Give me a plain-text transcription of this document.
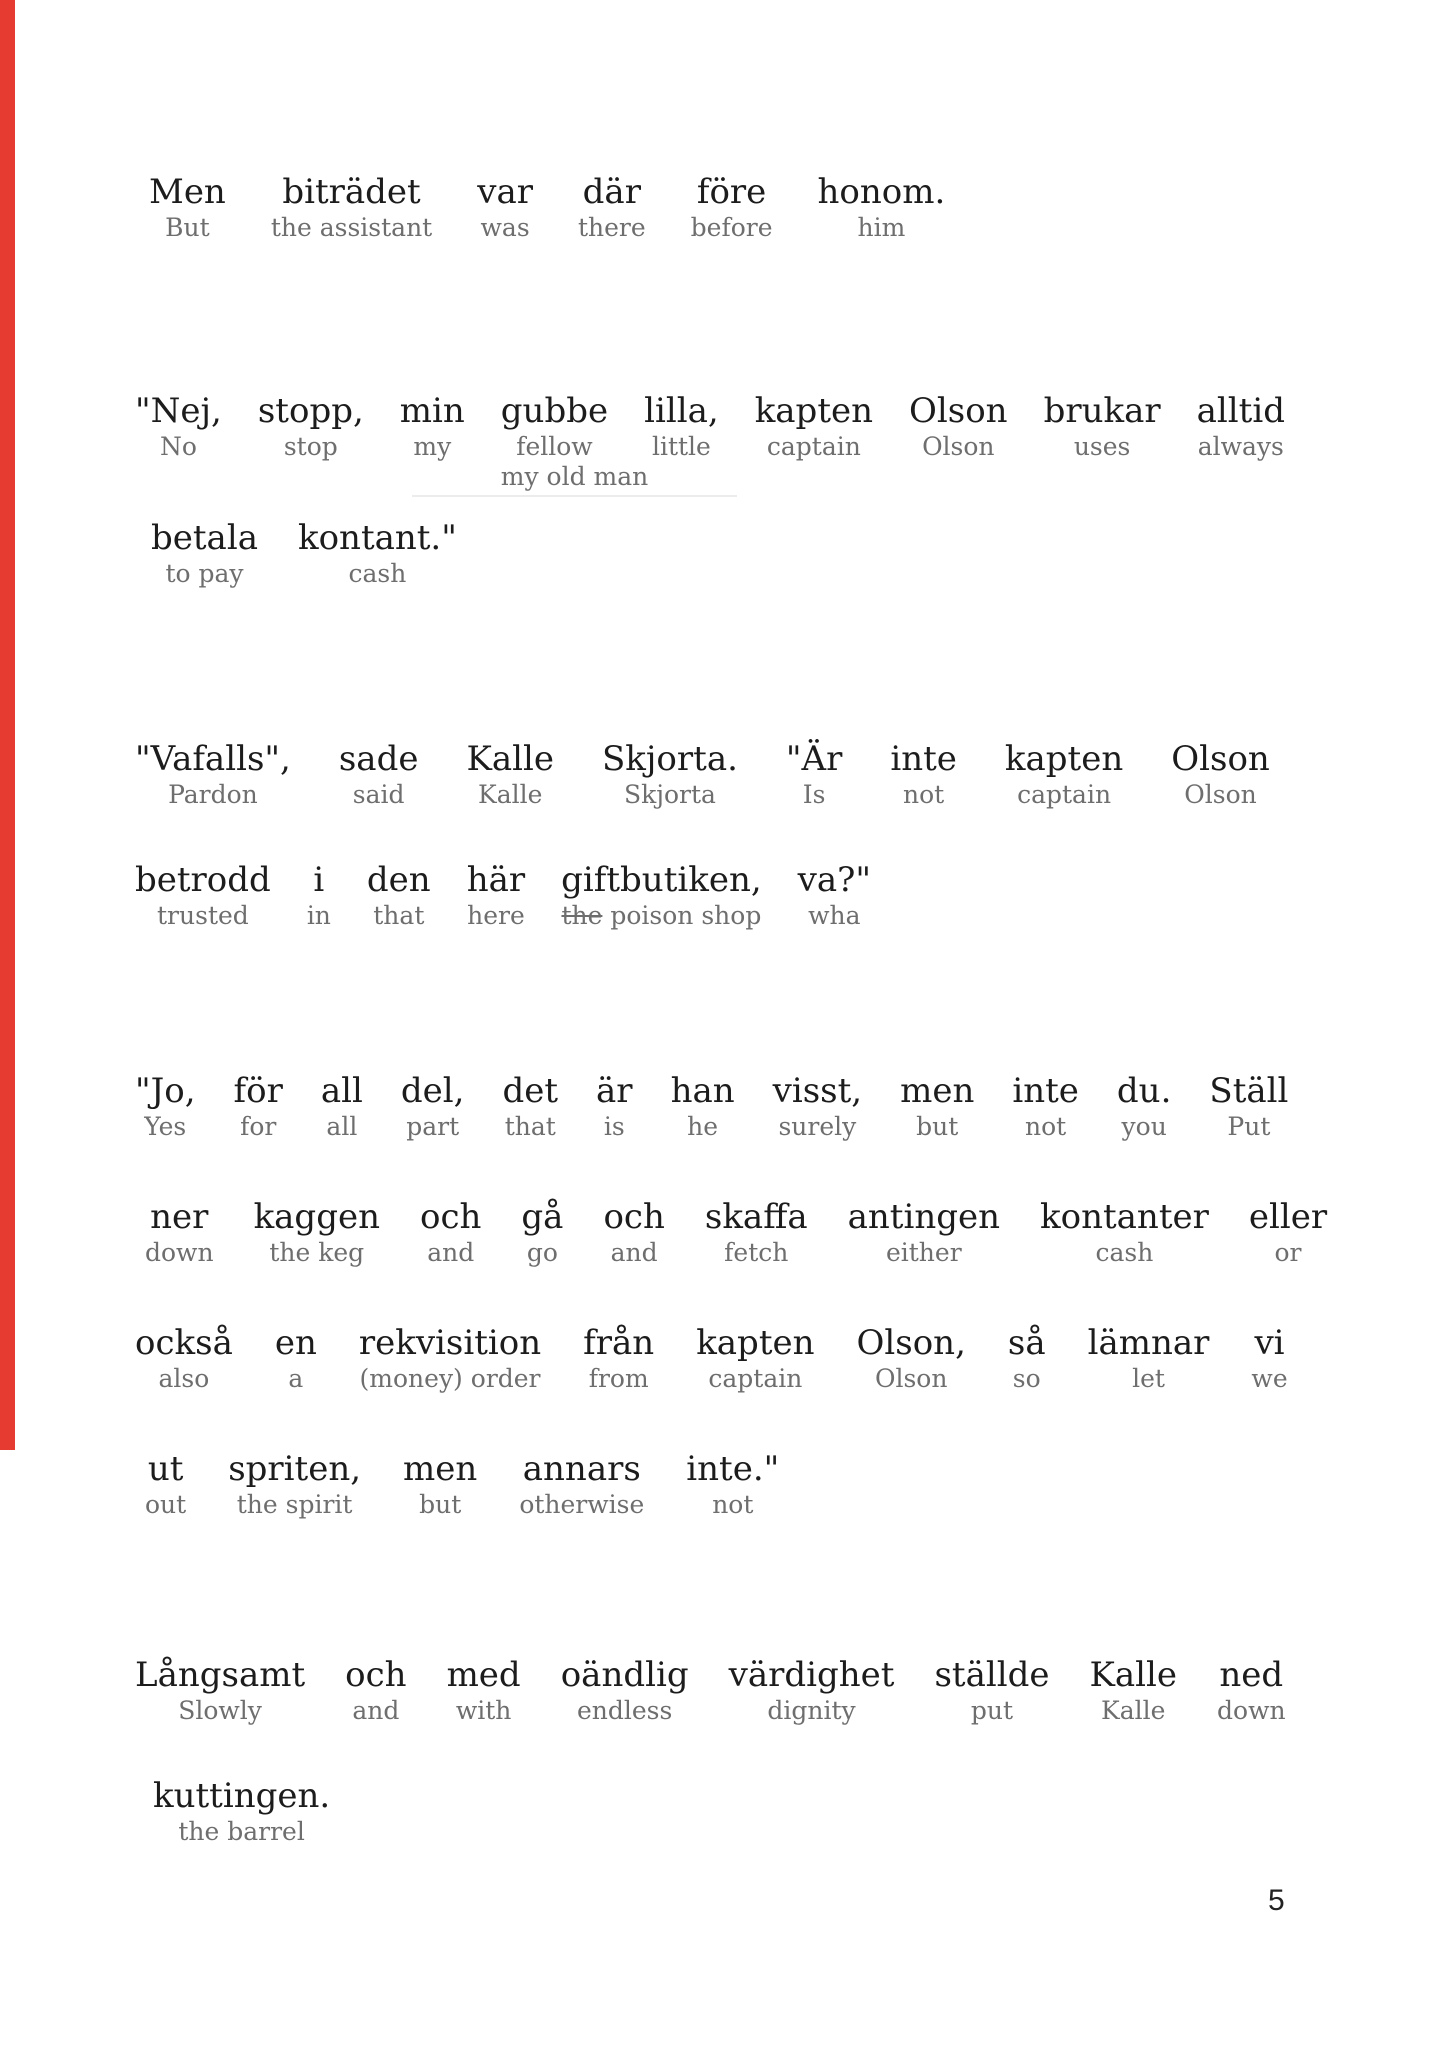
Men
But
biträdet
the assistant
var
was
där
there
före
before
honom.
him
"Nej,
No
stopp,
stop
min
my
gubbe
fellow
lilla,
little
kapten
captain
Olson
Olson
brukar
uses
alltid
always
my old man
betala
to pay
kontant."
cash
"Vafalls",
Pardon
sade
said
Kalle
Kalle
Skjorta.
Skjorta
"Är
Is
inte
not
kapten
captain
Olson
Olson
betrodd
trusted
i
in
den
that
här
here
giftbutiken,
the poison shop
va?"
wha
"Jo,
Yes
för
for
all
all
del,
part
det
that
är
is
han
he
visst,
surely
men
but
inte
not
du.
you
Ställ
Put
ner
down
kaggen
the keg
och
and
gå
go
och
and
skaffa
fetch
antingen
either
kontanter
cash
eller
or
också
also
en
a
rekvisition
(money) order
från
from
kapten
captain
Olson,
Olson
så
so
lämnar
let
vi
we
ut
out
spriten,
the spirit
men
but
annars
otherwise
inte."
not
Långsamt
Slowly
och
and
med
with
oändlig
endless
värdighet
dignity
ställde
put
Kalle
Kalle
ned
down
kuttingen.
the barrel
5
